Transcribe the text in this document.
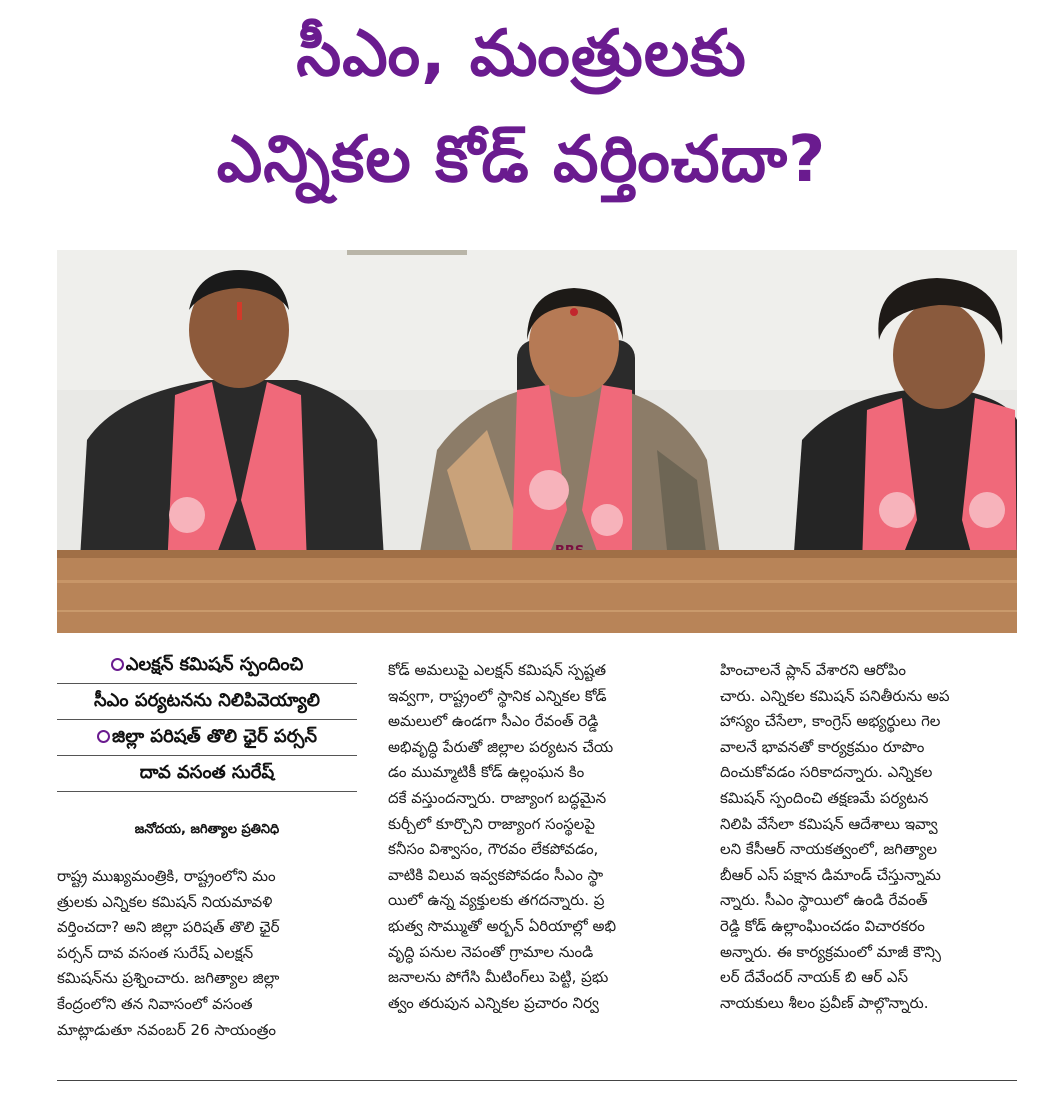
సీఎం, మంత్రులకు
ఎన్నికల కోడ్ వర్తించదా?
ఎలక్షన్ కమిషన్ స్పందించి
సీఎం పర్యటనను నిలిపివెయ్యాలి
జిల్లా పరిషత్ తొలి ఛైర్ పర్సన్
దావ వసంత సురేష్
జనోదయ, జగిత్యాల ప్రతినిధి

రాష్ట్ర ముఖ్యమంత్రికి, రాష్ట్రంలోని మం

త్రులకు ఎన్నికల కమిషన్ నియమావళి

వర్తించదా? అని జిల్లా పరిషత్ తొలి ఛైర్

పర్సన్ దావ వసంత సురేష్ ఎలక్షన్

కమిషన్‌ను ప్రశ్నించారు. జగిత్యాల జిల్లా

కేంద్రంలోని తన నివాసంలో వసంత

మాట్లాడుతూ నవంబర్ 26 సాయంత్రం

కోడ్ అమలుపై ఎలక్షన్ కమిషన్ స్పష్టత

ఇవ్వగా, రాష్ట్రంలో స్థానిక ఎన్నికల కోడ్

అమలులో ఉండగా సీఎం రేవంత్ రెడ్డి

అభివృద్ధి పేరుతో జిల్లాల పర్యటన చేయ

డం ముమ్మాటికీ కోడ్ ఉల్లంఘన కిం

దకే వస్తుందన్నారు. రాజ్యాంగ బద్ధమైన

కుర్చీలో కూర్చొని రాజ్యాంగ సంస్థలపై

కనీసం విశ్వాసం, గౌరవం లేకపోవడం,

వాటికి విలువ ఇవ్వకపోవడం సీఎం స్థా

యిలో ఉన్న వ్యక్తులకు తగదన్నారు. ప్ర

భుత్వ సొమ్ముతో అర్బన్ ఏరియాల్లో అభి

వృద్ధి పనుల నెపంతో గ్రామాల నుండి

జనాలను పోగేసి మీటింగ్‌లు పెట్టి, ప్రభు

త్వం తరుపున ఎన్నికల ప్రచారం నిర్వ

హించాలనే ప్లాన్ వేశారని ఆరోపిం

చారు. ఎన్నికల కమిషన్ పనితీరును అప

హాస్యం చేసేలా, కాంగ్రెస్ అభ్యర్థులు గెల

వాలనే భావనతో కార్యక్రమం రూపొం

దించుకోవడం సరికాదన్నారు. ఎన్నికల

కమిషన్ స్పందించి తక్షణమే పర్యటన

నిలిపి వేసేలా కమిషన్ ఆదేశాలు ఇవ్వా

లని కేసీఆర్ నాయకత్వంలో, జగిత్యాల

బీఆర్ ఎస్ పక్షాన డిమాండ్ చేస్తున్నామ

న్నారు. సీఎం స్థాయిలో ఉండి రేవంత్

రెడ్డి కోడ్ ఉల్లాంఘించడం విచారకరం

అన్నారు. ఈ కార్యక్రమంలో మాజీ కౌన్సి

లర్ దేవేందర్ నాయక్ బి ఆర్ ఎస్

నాయకులు శీలం ప్రవీణ్ పాల్గొన్నారు.
